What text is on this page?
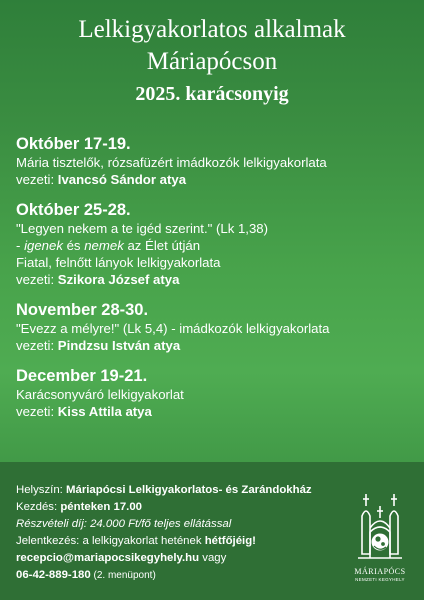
Lelkigyakorlatos alkalmak
Máriapócson
2025. karácsonyig
Október 17-19.
Mária tisztelők, rózsafüzért imádkozók lelkigyakorlata
vezeti: Ivancsó Sándor atya
Október 25-28.
"Legyen nekem a te igéd szerint." (Lk 1,38)
- igenek és nemek az Élet útján
Fiatal, felnőtt lányok lelkigyakorlata
vezeti: Szikora József atya
November 28-30.
"Evezz a mélyre!" (Lk 5,4) - imádkozók lelkigyakorlata
vezeti: Pindzsu István atya
December 19-21.
Karácsonyváró lelkigyakorlat
vezeti: Kiss Attila atya
Helyszín: Máriapócsi Lelkigyakorlatos- és Zarándokház
Kezdés: pénteken 17.00
Részvételi díj: 24.000 Ft/fő teljes ellátással
Jelentkezés: a lelkigyakorlat hetének hétfőjéig!
recepcio@mariapocsikegyhely.hu vagy
06-42-889-180 (2. menüpont)	MÁRIAPÓCS
NEMZETI KEGYHELY
